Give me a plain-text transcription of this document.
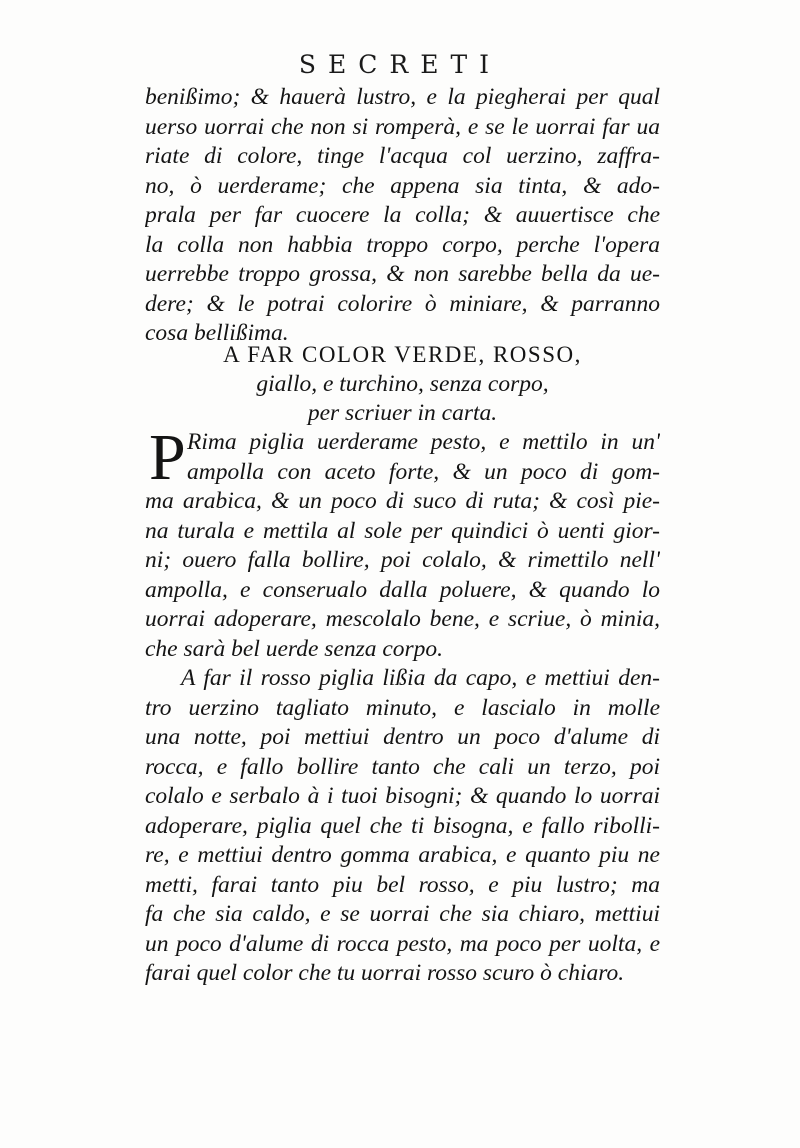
SECRETI
benißimo; & hauerà lustro, e la piegherai per qual
uerso uorrai che non si romperà, e se le uorrai far ua
riate di colore, tinge l'acqua col uerzino, zaffra-
no, ò uerderame; che appena sia tinta, & ado-
prala per far cuocere la colla; & auuertisce che
la colla non habbia troppo corpo, perche l'opera
uerrebbe troppo grossa, & non sarebbe bella da ue-
dere; & le potrai colorire ò miniare, & parranno
cosa bellißima.
A FAR COLOR VERDE, ROSSO,
giallo, e turchino, senza corpo,
per scriuer in carta.
P Rima piglia uerderame pesto, e mettilo in un'
ampolla con aceto forte, & un poco di gom-
ma arabica, & un poco di suco di ruta; & così pie-
na turala e mettila al sole per quindici ò uenti gior-
ni; ouero falla bollire, poi colalo, & rimettilo nell'
ampolla, e conserualo dalla poluere, & quando lo
uorrai adoperare, mescolalo bene, e scriue, ò minia,
che sarà bel uerde senza corpo.
A far il rosso piglia lißia da capo, e mettiui den-
tro uerzino tagliato minuto, e lascialo in molle
una notte, poi mettiui dentro un poco d'alume di
rocca, e fallo bollire tanto che cali un terzo, poi
colalo e serbalo à i tuoi bisogni; & quando lo uorrai
adoperare, piglia quel che ti bisogna, e fallo ribolli-
re, e mettiui dentro gomma arabica, e quanto piu ne
metti, farai tanto piu bel rosso, e piu lustro; ma
fa che sia caldo, e se uorrai che sia chiaro, mettiui
un poco d'alume di rocca pesto, ma poco per uolta, e
farai quel color che tu uorrai rosso scuro ò chiaro.
